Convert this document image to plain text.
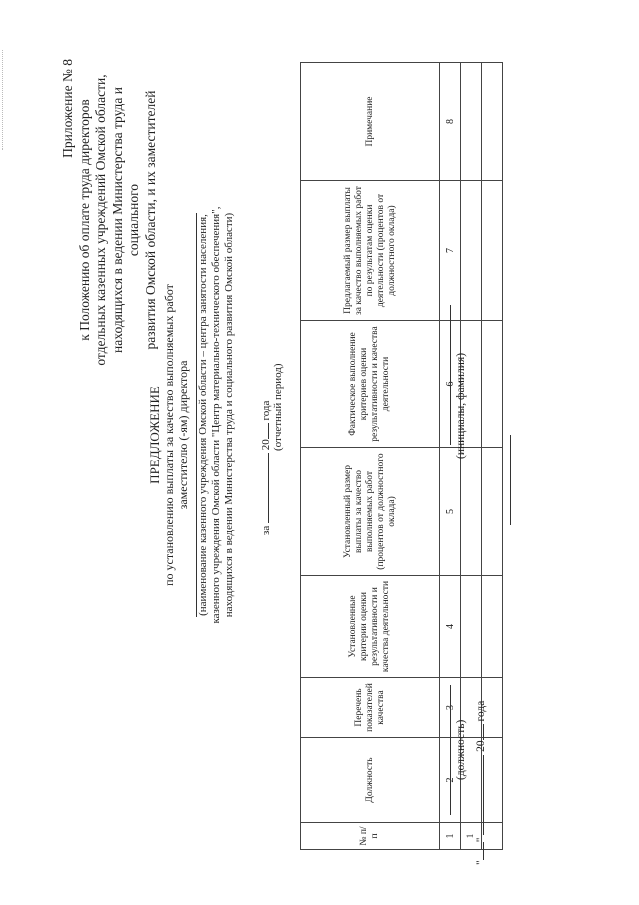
Приложение № 8 к Положению об оплате труда директоров отдельных казенных учреждений Омской области, находящихся в ведении Министерства труда и социального развития Омской области, и их заместителей
ПРЕДЛОЖЕНИЕ по установлению выплаты за качество выполняемых работ заместителю (-ям) директора (наименование казенного учреждения Омской области – центра занятости населения, казенного учреждения Омской области "Центр материально-технического обеспечения", находящихся в ведении Министерства труда и социального развития Омской области) за  20 года (отчетный период)
№ п/п	Должность	Перечень показателей качества	Установленные критерии оценки результативности и качества деятельности	Установленный размер выплаты за качество выполняемых работ (процентов от должностного оклада)	Фактическое выполнение критериев оценки результативности и качества деятельности	Предлагаемый размер выплаты за качество выполняемых работ по результатам оценки деятельности (процентов от должностного оклада)	Примечание
1	2	3	4	5	6	7	8
1							

(должность)
(инициалы, фамилия)
""  20 года
